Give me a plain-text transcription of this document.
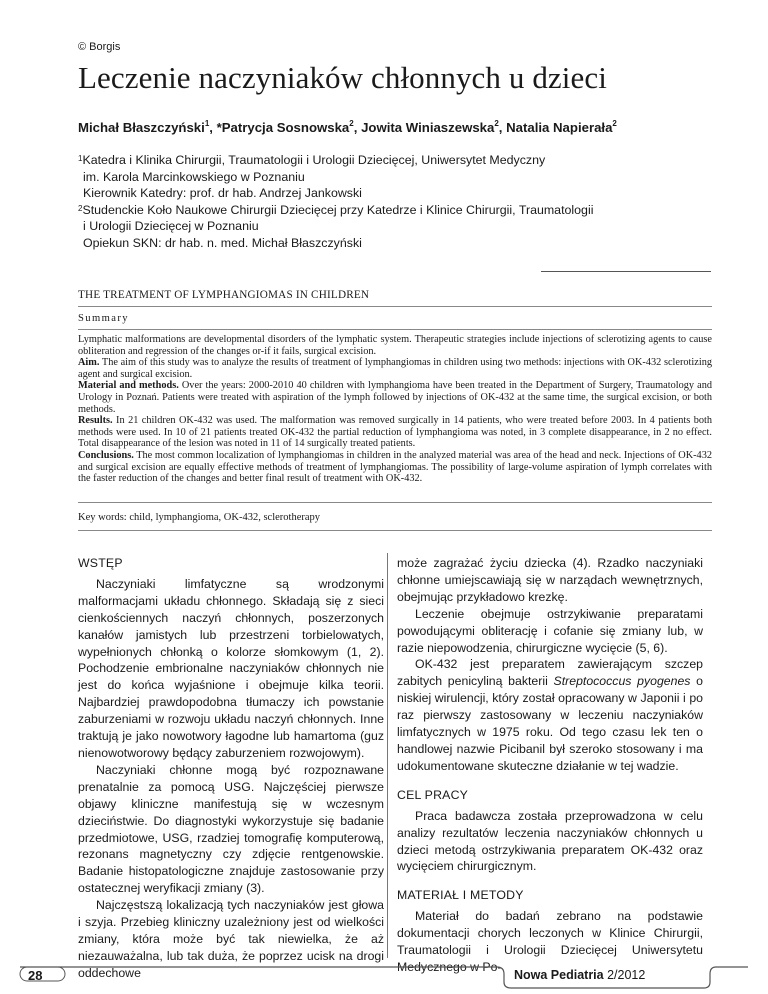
© Borgis
Leczenie naczyniaków chłonnych u dzieci
Michał Błaszczyński$^1$, *Patrycja Sosnowska$^2$, Jowita Winiaszewska$^2$, Natalia Napierała$^2$
$^1$Katedra i Klinika Chirurgii, Traumatologii i Urologii Dziecięcej, Uniwersytet Medyczny
im. Karola Marcinkowskiego w Poznaniu
Kierownik Katedry: prof. dr hab. Andrzej Jankowski
$^2$Studenckie Koło Naukowe Chirurgii Dziecięcej przy Katedrze i Klinice Chirurgii, Traumatologii
i Urologii Dziecięcej w Poznaniu
Opiekun SKN: dr hab. n. med. Michał Błaszczyński
THE TREATMENT OF LYMPHANGIOMAS IN CHILDREN
Summary

Lymphatic malformations are developmental disorders of the lymphatic system. Therapeutic strategies include injections of sclerotizing agents to cause obliteration and regression of the changes or-if it fails, surgical excision.
Aim. The aim of this study was to analyze the results of treatment of lymphangiomas in children using two methods: injections with OK-432 sclerotizing agent and surgical excision.
Material and methods. Over the years: 2000-2010 40 children with lymphangioma have been treated in the Department of Surgery, Traumatology and Urology in Poznań. Patients were treated with aspiration of the lymph followed by injections of OK-432 at the same time, the surgical excision, or both methods.
Results. In 21 children OK-432 was used. The malformation was removed surgically in 14 patients, who were treated before 2003. In 4 patients both methods were used. In 10 of 21 patients treated OK-432 the partial reduction of lymphangioma was noted, in 3 complete disappearance, in 2 no effect. Total disappearance of the lesion was noted in 11 of 14 surgically treated patients.
Conclusions. The most common localization of lymphangiomas in children in the analyzed material was area of the head and neck. Injections of OK-432 and surgical excision are equally effective methods of treatment of lymphangiomas. The possibility of large-volume aspiration of lymph correlates with the faster reduction of the changes and better final result of treatment with OK-432.

Key words: child, lymphangioma, OK-432, sclerotherapy
WSTĘP

Naczyniaki limfatyczne są wrodzonymi malformacjami układu chłonnego. Składają się z sieci cienkościennych naczyń chłonnych, poszerzonych kanałów jamistych lub przestrzeni torbielowatych, wypełnionych chłonką o kolorze słomkowym (1, 2). Pochodzenie embrionalne naczyniaków chłonnych nie jest do końca wyjaśnione i obejmuje kilka teorii. Najbardziej prawdopodobna tłumaczy ich powstanie zaburzeniami w rozwoju układu naczyń chłonnych. Inne traktują je jako nowotwory łagodne lub hamartoma (guz nienowotworowy będący zaburzeniem rozwojowym).

Naczyniaki chłonne mogą być rozpoznawane prenatalnie za pomocą USG. Najczęściej pierwsze objawy kliniczne manifestują się w wczesnym dzieciństwie. Do diagnostyki wykorzystuje się badanie przedmiotowe, USG, rzadziej tomografię komputerową, rezonans magnetyczny czy zdjęcie rentgenowskie. Badanie histopatologiczne znajduje zastosowanie przy ostatecznej weryfikacji zmiany (3).

Najczęstszą lokalizacją tych naczyniaków jest głowa i szyja. Przebieg kliniczny uzależniony jest od wielkości zmiany, która może być tak niewielka, że aż niezauważalna, lub tak duża, że poprzez ucisk na drogi oddechowe

może zagrażać życiu dziecka (4). Rzadko naczyniaki chłonne umiejscawiają się w narządach wewnętrznych, obejmując przykładowo krezkę.

Leczenie obejmuje ostrzykiwanie preparatami powodującymi obliterację i cofanie się zmiany lub, w razie niepowodzenia, chirurgiczne wycięcie (5, 6).

OK-432 jest preparatem zawierającym szczep zabitych penicyliną bakterii Streptococcus pyogenes o niskiej wirulencji, który został opracowany w Japonii i po raz pierwszy zastosowany w leczeniu naczyniaków limfatycznych w 1975 roku. Od tego czasu lek ten o handlowej nazwie Picibanil był szeroko stosowany i ma udokumentowane skuteczne działanie w tej wadzie.

CEL PRACY

Praca badawcza została przeprowadzona w celu analizy rezultatów leczenia naczyniaków chłonnych u dzieci metodą ostrzykiwania preparatem OK-432 oraz wycięciem chirurgicznym.

MATERIAŁ I METODY

Materiał do badań zebrano na podstawie dokumentacji chorych leczonych w Klinice Chirurgii, Traumatologii i Urologii Dziecięcej Uniwersytetu Medycznego w Po-

28	Nowa Pediatria 2/2012
